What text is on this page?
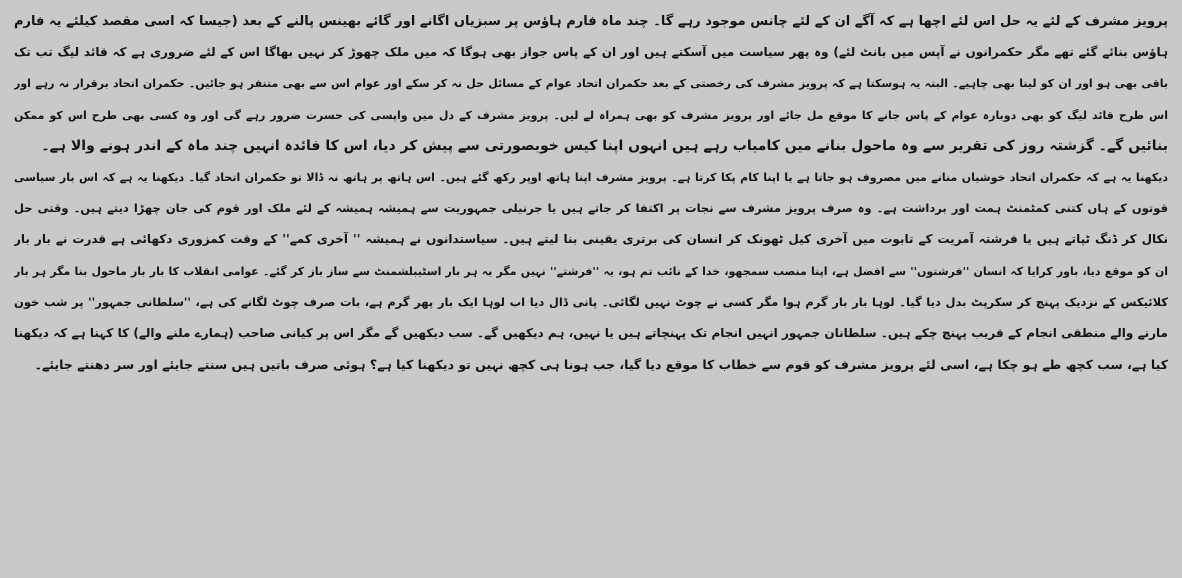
پرویز مشرف کے لئے یہ حل اس لئے اچھا ہے کہ آگے ان کے لئے چانس موجود رہے گا۔ چند ماہ فارم ہاؤس پر سبزیاں اگانے اور گائے بھینس پالنے کے بعد (جیسا کہ اسی مقصد کیلئے یہ فارم
ہاؤس بنائے گئے تھے مگر حکمرانوں نے آپس میں بانٹ لئے) وہ پھر سیاست میں آسکتے ہیں اور ان کے پاس جواز بھی ہوگا کہ میں ملک چھوڑ کر نہیں بھاگا اس کے لئے ضروری ہے کہ قائد لیگ تب تک
باقی بھی ہو اور ان کو لینا بھی چاہیے۔ البتہ یہ ہوسکتا ہے کہ پرویز مشرف کی رخصتی کے بعد حکمران اتحاد عوام کے مسائل حل نہ کر سکے اور عوام اس سے بھی متنفر ہو جائیں۔ حکمران اتحاد برقرار نہ رہے اور
اس طرح قائد لیگ کو بھی دوبارہ عوام کے پاس جانے کا موقع مل جائے اور پرویز مشرف کو بھی ہمراہ لے لیں۔ پرویز مشرف کے دل میں واپسی کی حسرت ضرور رہے گی اور وہ کسی بھی طرح اس کو ممکن
بنائیں گے۔ گزشتہ روز کی تقریر سے وہ ماحول بنانے میں کامیاب رہے ہیں انہوں اپنا کیس خوبصورتی سے پیش کر دیا، اس کا فائدہ انہیں چند ماہ کے اندر ہونے والا ہے۔
دیکھنا یہ ہے کہ حکمران اتحاد خوشیاں منانے میں مصروف ہو جاتا ہے یا اپنا کام پکا کرتا ہے۔ پرویز مشرف اپنا ہاتھ اوپر رکھ گئے ہیں۔ اس ہاتھ پر ہاتھ نہ ڈالا تو حکمران اتحاد گیا۔ دیکھنا یہ ہے کہ اس بار سیاسی
قوتوں کے ہاں کتنی کمٹمنٹ ہمت اور برداشت ہے۔ وہ صرف پرویز مشرف سے نجات پر اکتفا کر جاتے ہیں یا جرنیلی جمہوریت سے ہمیشہ ہمیشہ کے لئے ملک اور قوم کی جان چھڑا دیتے ہیں۔ وقتی حل
نکال کر ڈنگ ٹپاتے ہیں یا فرشتہ آمریت کے تابوت میں آخری کیل ٹھونک کر انسان کی برتری یقینی بنا لیتے ہیں۔ سیاستدانوں نے ہمیشہ '' آخری کمے'' کے وقت کمزوری دکھائی ہے قدرت نے بار بار
ان کو موقع دیا، باور کرایا کہ انسان ''فرشتوں'' سے افضل ہے، اپنا منصب سمجھو، خدا کے نائب تم ہو، یہ ''فرشتے'' نہیں مگر یہ ہر بار اسٹیبلشمنٹ سے ساز باز کر گئے۔ عوامی انقلاب کا بار بار ماحول بنا مگر ہر بار
کلائیکس کے نزدیک پہنچ کر سکرپٹ بدل دیا گیا۔ لوہا بار بار گرم ہوا مگر کسی نے چوٹ نہیں لگائی۔ پانی ڈال دیا اب لوہا ایک بار پھر گرم ہے، بات صرف چوٹ لگانے کی ہے، ''سلطانی جمہور'' پر شب خون
مارنے والے منطقی انجام کے قریب پہنچ چکے ہیں۔ سلطانان جمہور انہیں انجام تک پہنچاتے ہیں یا نہیں، ہم دیکھیں گے۔ سب دیکھیں گے مگر اس پر کیانی صاحب (ہمارے ملنے والے) کا کہنا ہے کہ دیکھنا
کیا ہے، سب کچھ طے ہو چکا ہے، اسی لئے پرویز مشرف کو قوم سے خطاب کا موقع دیا گیا، جب ہونا ہی کچھ نہیں تو دیکھنا کیا ہے؟ ہوئی صرف باتیں ہیں سنتے جایئے اور سر دھنتے جایئے۔
